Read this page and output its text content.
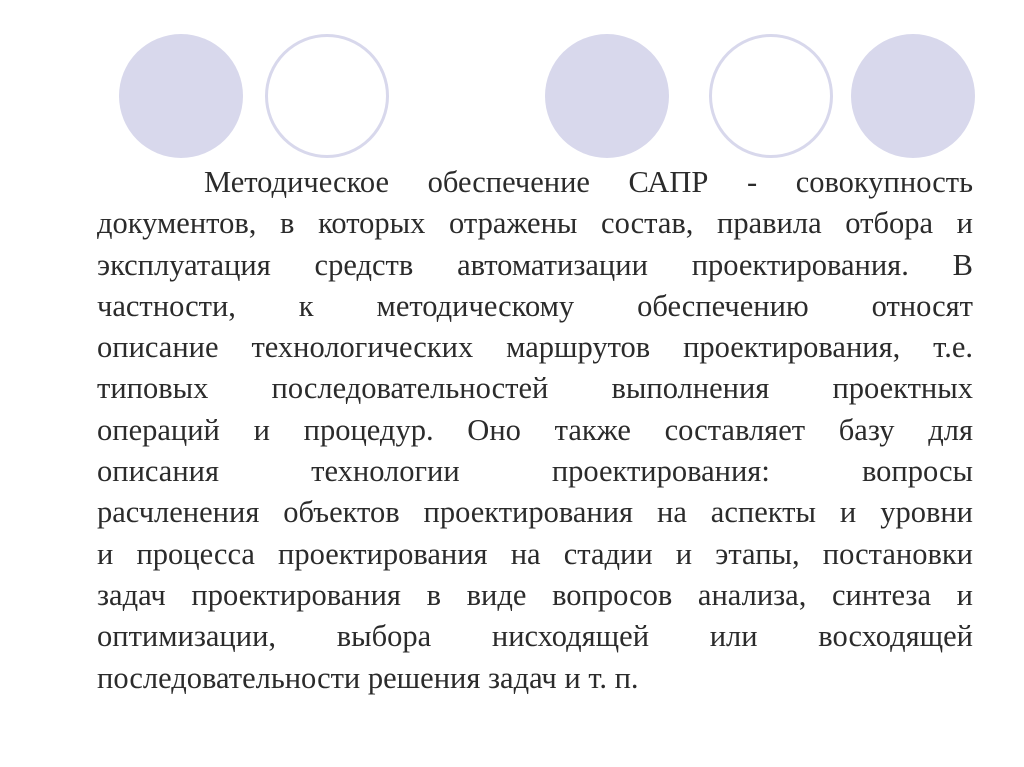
Методическое обеспечение САПР - совокупность
документов, в которых отражены состав, правила отбора и
эксплуатация средств автоматизации проектирования. В
частности, к методическому обеспечению относят
описание технологических маршрутов проектирования, т.е.
типовых последовательностей выполнения проектных
операций и процедур. Оно также составляет базу для
описания технологии проектирования: вопросы
расчленения объектов проектирования на аспекты и уровни
и процесса проектирования на стадии и этапы, постановки
задач проектирования в виде вопросов анализа, синтеза и
оптимизации, выбора нисходящей или восходящей
последовательности решения задач и т. п.
